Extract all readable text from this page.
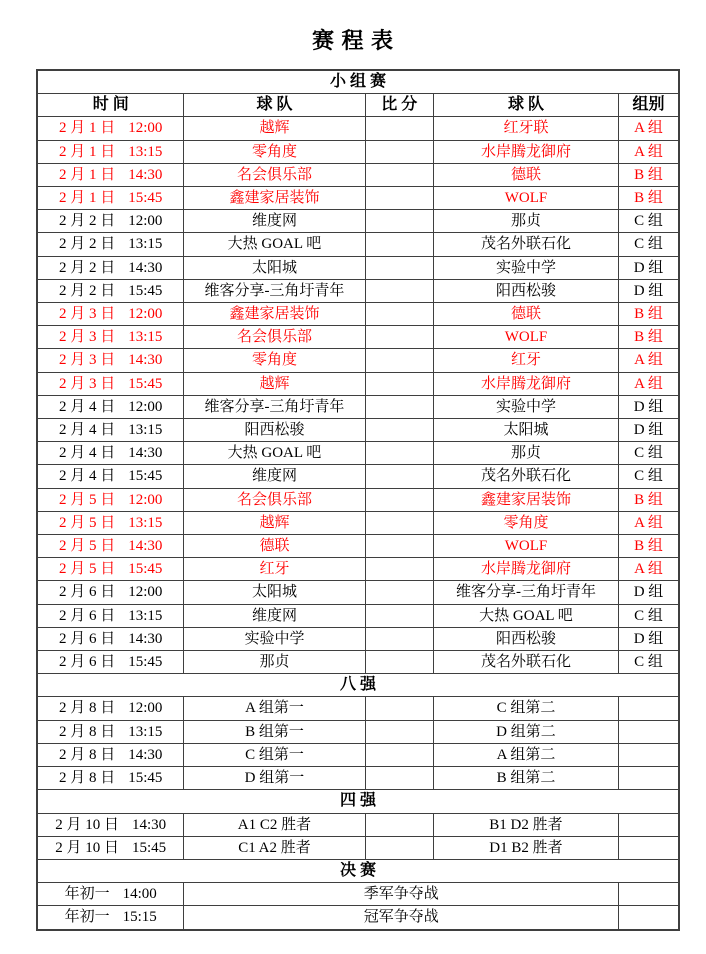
赛 程 表
小 组 赛				
时 间	球 队	比 分	球 队	组别

2 月 1 日 12:00	越辉		红牙联	A 组

2 月 1 日 13:15	零角度		水岸腾龙御府	A 组

2 月 1 日 14:30	名会俱乐部		德联	B 组

2 月 1 日 15:45	鑫建家居装饰		WOLF	B 组

2 月 2 日 12:00	维度网		那贞	C 组

2 月 2 日 13:15	大热 GOAL 吧		茂名外联石化	C 组

2 月 2 日 14:30	太阳城		实验中学	D 组

2 月 2 日 15:45	维客分享-三角圩青年		阳西松骏	D 组

2 月 3 日 12:00	鑫建家居装饰		德联	B 组

2 月 3 日 13:15	名会俱乐部		WOLF	B 组

2 月 3 日 14:30	零角度		红牙	A 组

2 月 3 日 15:45	越辉		水岸腾龙御府	A 组

2 月 4 日 12:00	维客分享-三角圩青年		实验中学	D 组

2 月 4 日 13:15	阳西松骏		太阳城	D 组

2 月 4 日 14:30	大热 GOAL 吧		那贞	C 组

2 月 4 日 15:45	维度网		茂名外联石化	C 组

2 月 5 日 12:00	名会俱乐部		鑫建家居装饰	B 组

2 月 5 日 13:15	越辉		零角度	A 组

2 月 5 日 14:30	德联		WOLF	B 组

2 月 5 日 15:45	红牙		水岸腾龙御府	A 组

2 月 6 日 12:00	太阳城		维客分享-三角圩青年	D 组

2 月 6 日 13:15	维度网		大热 GOAL 吧	C 组

2 月 6 日 14:30	实验中学		阳西松骏	D 组

2 月 6 日 15:45	那贞		茂名外联石化	C 组
八 强				

2 月 8 日 12:00	A 组第一		C 组第二	

2 月 8 日 13:15	B 组第一		D 组第二	

2 月 8 日 14:30	C 组第一		A 组第二	

2 月 8 日 15:45	D 组第一		B 组第二	
四 强				

2 月 10 日 14:30	A1 C2 胜者		B1 D2 胜者	

2 月 10 日 15:45	C1 A2 胜者		D1 B2 胜者	
决 赛				

年初一 14:00	季军争夺战			

年初一 15:15	冠军争夺战			
